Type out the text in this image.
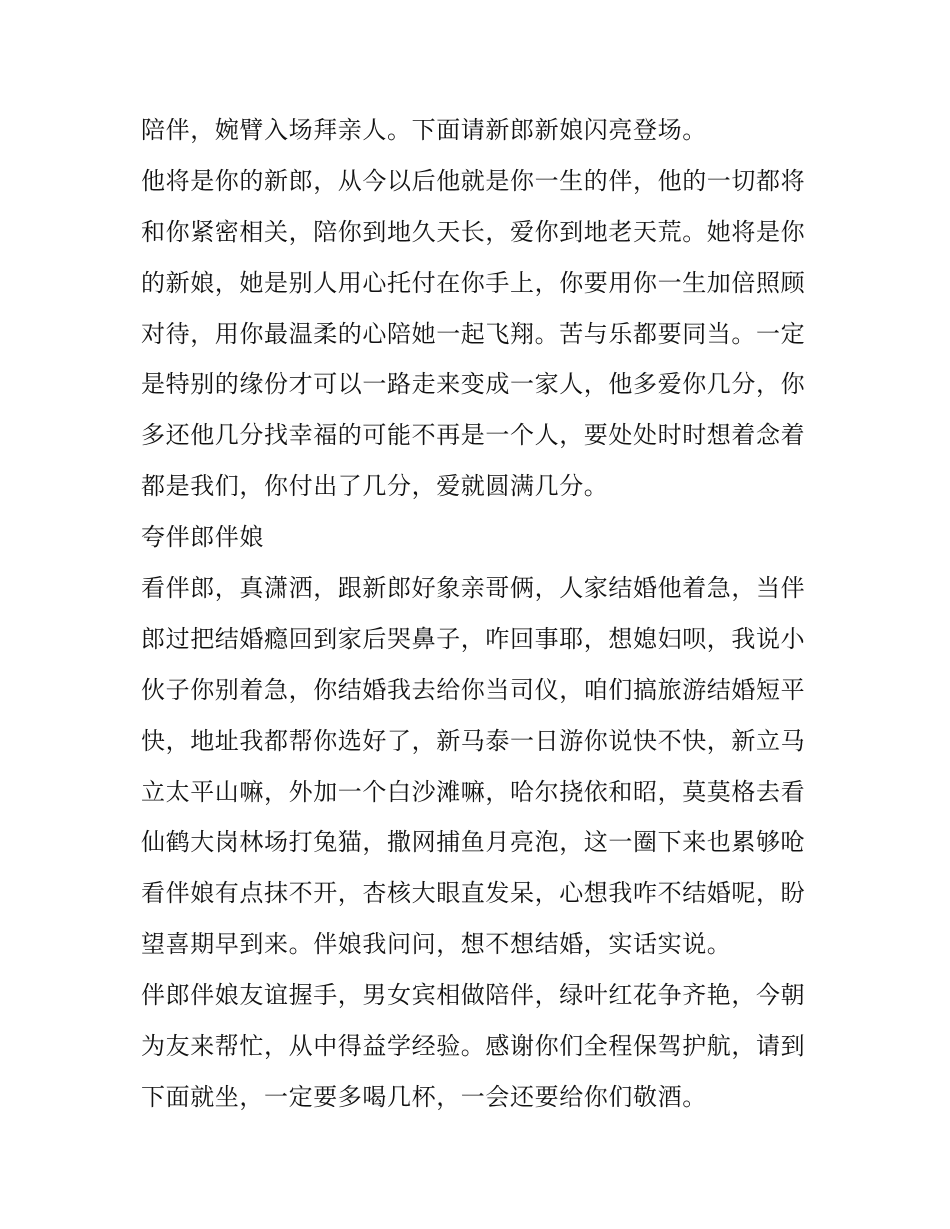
陪伴，婉臂入场拜亲人。下面请新郎新娘闪亮登场。
他将是你的新郎，从今以后他就是你一生的伴，他的一切都将
和你紧密相关，陪你到地久天长，爱你到地老天荒。她将是你
的新娘，她是别人用心托付在你手上，你要用你一生加倍照顾
对待，用你最温柔的心陪她一起飞翔。苦与乐都要同当。一定
是特别的缘份才可以一路走来变成一家人，他多爱你几分，你
多还他几分找幸福的可能不再是一个人，要处处时时想着念着
都是我们，你付出了几分，爱就圆满几分。
夸伴郎伴娘
看伴郎，真潇洒，跟新郎好象亲哥俩，人家结婚他着急，当伴
郎过把结婚瘾回到家后哭鼻子，咋回事耶，想媳妇呗，我说小
伙子你别着急，你结婚我去给你当司仪，咱们搞旅游结婚短平
快，地址我都帮你选好了，新马泰一日游你说快不快，新立马
立太平山嘛，外加一个白沙滩嘛，哈尔挠依和昭，莫莫格去看
仙鹤大岗林场打兔猫，撒网捕鱼月亮泡，这一圈下来也累够呛
看伴娘有点抹不开，杏核大眼直发呆，心想我咋不结婚呢，盼
望喜期早到来。伴娘我问问，想不想结婚，实话实说。
伴郎伴娘友谊握手，男女宾相做陪伴，绿叶红花争齐艳，今朝
为友来帮忙，从中得益学经验。感谢你们全程保驾护航，请到
下面就坐，一定要多喝几杯，一会还要给你们敬酒。
